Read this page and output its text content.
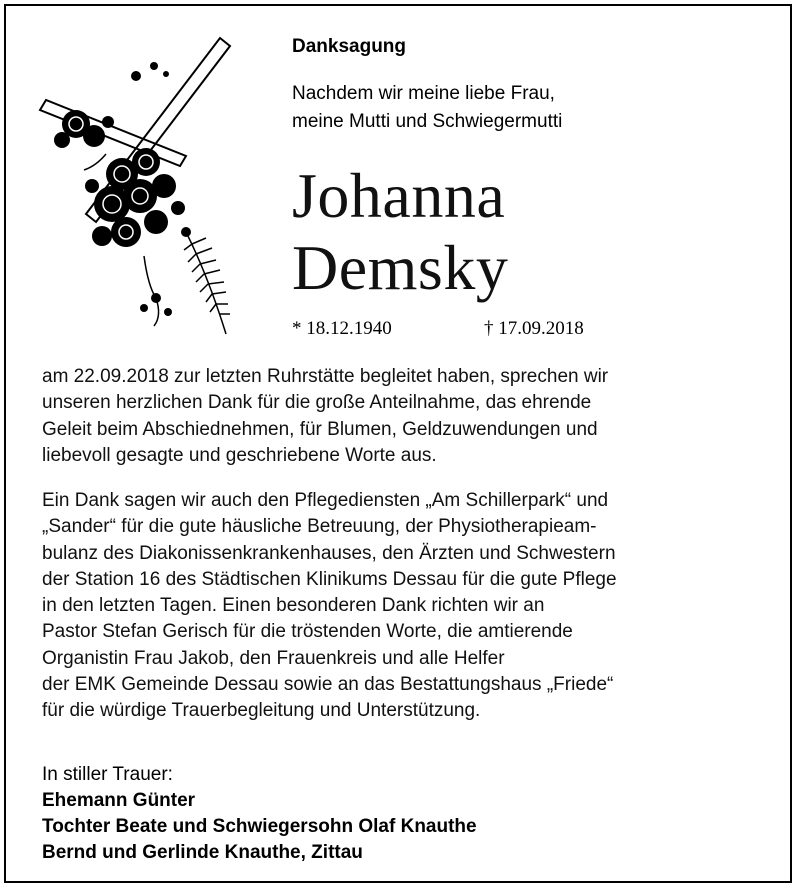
Danksagung
Nachdem wir meine liebe Frau,
meine Mutti und Schwiegermutti
Johanna
Demsky
* 18.12.1940	† 17.09.2018
am 22.09.2018 zur letzten Ruhrstätte begleitet haben, sprechen wir
unseren herzlichen Dank für die große Anteilnahme, das ehrende
Geleit beim Abschiednehmen, für Blumen, Geldzuwendungen und
liebevoll gesagte und geschriebene Worte aus.
Ein Dank sagen wir auch den Pflegediensten „Am Schillerpark“ und
„Sander“ für die gute häusliche Betreuung, der Physiotherapieam-
bulanz des Diakonissenkrankenhauses, den Ärzten und Schwestern
der Station 16 des Städtischen Klinikums Dessau für die gute Pflege
in den letzten Tagen. Einen besonderen Dank richten wir an
Pastor Stefan Gerisch für die tröstenden Worte, die amtierende
Organistin Frau Jakob, den Frauenkreis und alle Helfer
der EMK Gemeinde Dessau sowie an das Bestattungshaus „Friede“
für die würdige Trauerbegleitung und Unterstützung.
In stiller Trauer:
Ehemann Günter
Tochter Beate und Schwiegersohn Olaf Knauthe
Bernd und Gerlinde Knauthe, Zittau
